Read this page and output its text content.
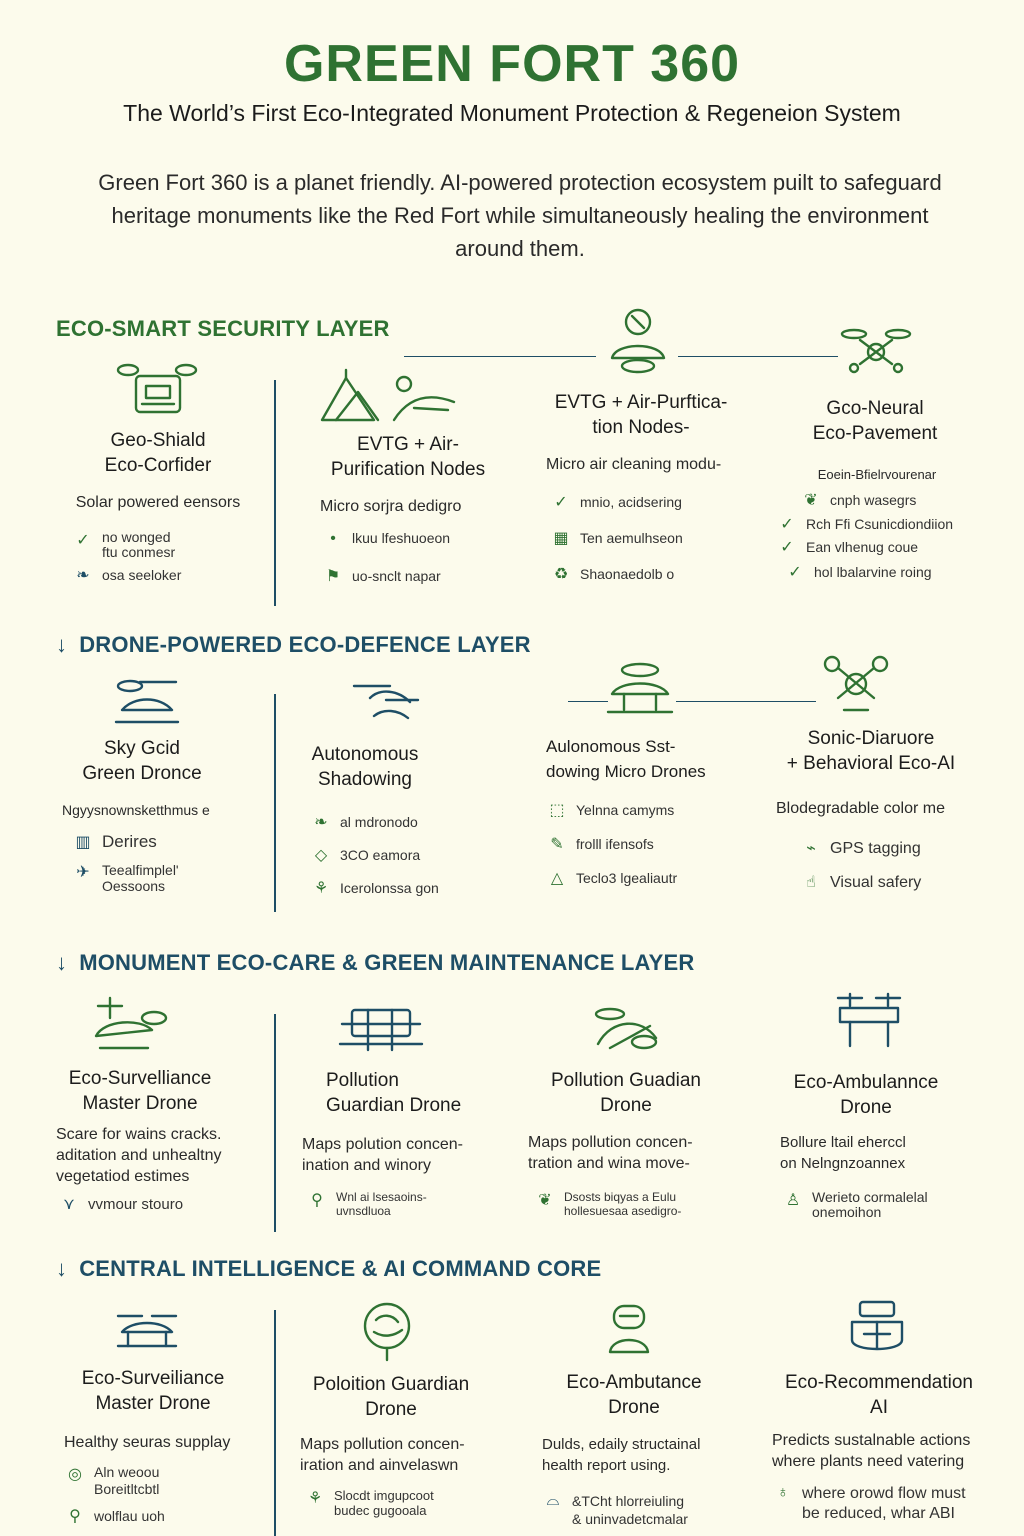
GREEN FORT 360
The World’s First Eco-Integrated Monument Protection & Regeneion System
Green Fort 360 is a planet friendly. AI-powered protection ecosystem puilt to safeguard heritage monuments like the Red Fort while simultaneously healing the environment around them.
ECO-SMART SECURITY LAYER
↓ DRONE-POWERED ECO-DEFENCE LAYER
↓ MONUMENT ECO-CARE & GREEN MAINTENANCE LAYER
↓ CENTRAL INTELLIGENCE & AI COMMAND CORE
Geo-Shiald
Eco-Corfider
Solar powered eensors
✓ no wonged
ftu conmesr
❧ osa seeloker
EVTG + Air-
Purification Nodes
Micro sorjra dedigro
• lkuu lfeshuoeon
⚑ uo-snclt napar
EVTG + Air-Purftica-
tion Nodes-
Micro air cleaning modu-
✓ mnio, acidsering
▦ Ten aemulhseon
♻ Shaonaedolb o
Gco-Neural
Eco-Pavement
Eoein-Bfielrvourenar
❦ cnph wasegrs
✓ Rch Ffi Csunicdiondiion
✓ Ean vlhenug coue
✓ hol lbalarvine roing
Sky Gcid
Green Dronce
Ngyysnownsketthmus e
▥ Derires
✈ Teealfimplel'
Oessoons
Autonomous
Shadowing
❧ al mdronodo
◇ 3CO eamora
⚘ Icerolonssa gon
Aulonomous Sst-
dowing Micro Drones
⬚ Yelnna camyms
✎ frolll ifensofs
△ Teclo3 lgealiautr
Sonic-Diaruore
+ Behavioral Eco-AI
Blodegradable color me
⌁ GPS tagging
☝ Visual safery
Eco-Survelliance
Master Drone
Scare for wains cracks.
aditation and unhealtny
vegetatiod estimes
⋎ vvmour stouro
Pollution
Guardian Drone
Maps polution concen-
ination and winory
⚲ Wnl ai lsesaoins-
uvnsdluoa
Pollution Guadian
Drone
Maps pollution concen-
tration and wina move-
❦ Dsosts biqyas a Eulu
hollesuesaa asedigro-
Eco-Ambulannce
Drone
Bollure ltail eherccl
on Nelngnzoannex
♙ Werieto cormalelal
onemoihon
Eco-Surveiliance
Master Drone
Healthy seuras supplay
◎ Aln weoou
Boreitltcbtl
⚲ wolflau uoh
Poloition Guardian
Drone
Maps pollution concen-
iration and ainvelaswn
⚘ Slocdt imgupcoot
budec gugooala
Eco-Ambutance
Drone
Dulds, edaily structainal
health report using.
⌓ &TCht hlorreiuling
& uninvadetcmalar
Eco-Recommendation
AI
Predicts sustalnable actions
where plants need vatering
♁ where orowd flow must
be reduced, whar ABI
